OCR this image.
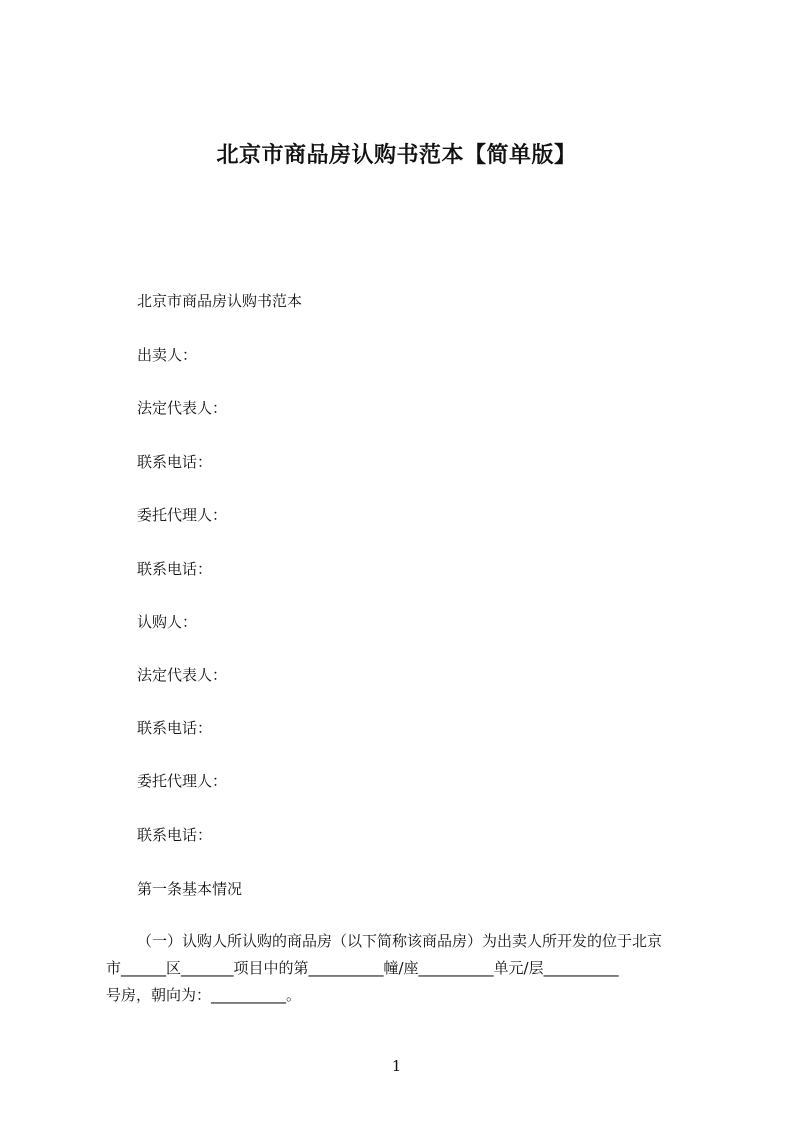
北京市商品房认购书范本【简单版】
北京市商品房认购书范本
出卖人：
法定代表人：
联系电话：
委托代理人：
联系电话：
认购人：
法定代表人：
联系电话：
委托代理人：
联系电话：
第一条基本情况
（一）认购人所认购的商品房（以下简称该商品房）为出卖人所开发的位于北京
市______区_______项目中的第__________幢/座__________单元/层__________
号房，朝向为：__________。
1
